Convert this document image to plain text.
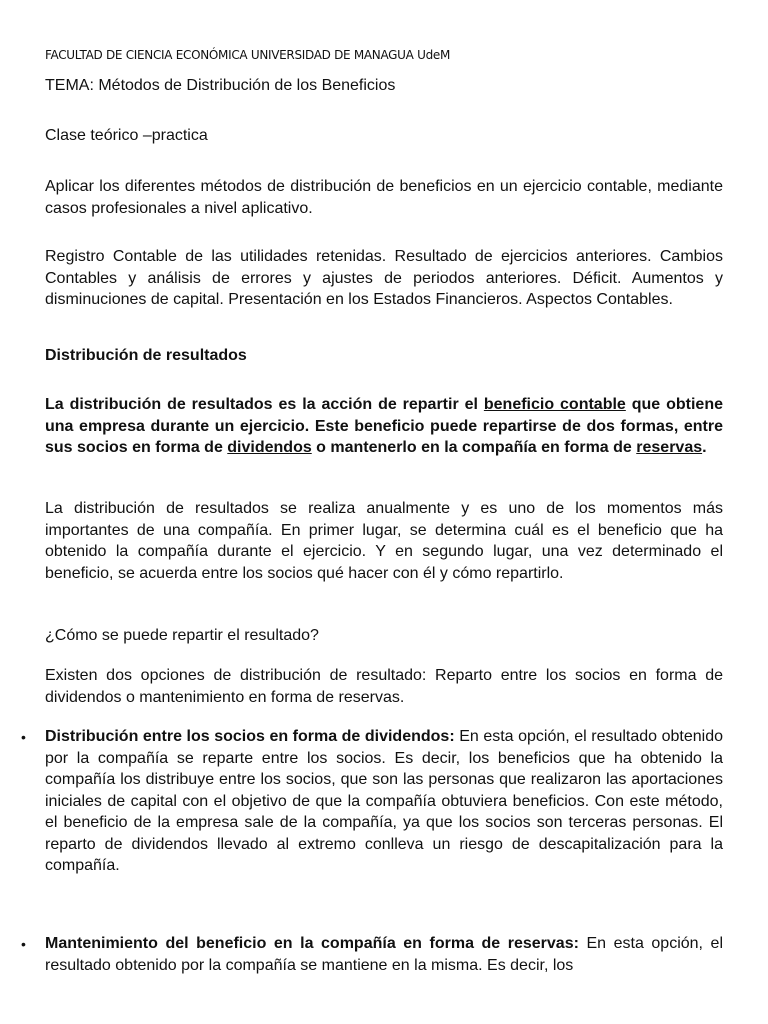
FACULTAD DE CIENCIA ECONÓMICA UNIVERSIDAD DE MANAGUA UdeM
TEMA: Métodos de Distribución de los Beneficios
Clase teórico –practica
Aplicar los diferentes métodos de distribución de beneficios en un ejercicio contable, mediante casos profesionales a nivel aplicativo.
Registro Contable de las utilidades retenidas. Resultado de ejercicios anteriores. Cambios Contables y análisis de errores y ajustes de periodos anteriores. Déficit. Aumentos y disminuciones de capital. Presentación en los Estados Financieros. Aspectos Contables.
Distribución de resultados
La distribución de resultados es la acción de repartir el beneficio contable que obtiene una empresa durante un ejercicio. Este beneficio puede repartirse de dos formas, entre sus socios en forma de dividendos o mantenerlo en la compañía en forma de reservas.
La distribución de resultados se realiza anualmente y es uno de los momentos más importantes de una compañía. En primer lugar, se determina cuál es el beneficio que ha obtenido la compañía durante el ejercicio. Y en segundo lugar, una vez determinado el beneficio, se acuerda entre los socios qué hacer con él y cómo repartirlo.
¿Cómo se puede repartir el resultado?
Existen dos opciones de distribución de resultado: Reparto entre los socios en forma de dividendos o mantenimiento en forma de reservas.
• Distribución entre los socios en forma de dividendos: En esta opción, el resultado obtenido por la compañía se reparte entre los socios. Es decir, los beneficios que ha obtenido la compañía los distribuye entre los socios, que son las personas que realizaron las aportaciones iniciales de capital con el objetivo de que la compañía obtuviera beneficios. Con este método, el beneficio de la empresa sale de la compañía, ya que los socios son terceras personas. El reparto de dividendos llevado al extremo conlleva un riesgo de descapitalización para la compañía.
• Mantenimiento del beneficio en la compañía en forma de reservas: En esta opción, el resultado obtenido por la compañía se mantiene en la misma. Es decir, los
